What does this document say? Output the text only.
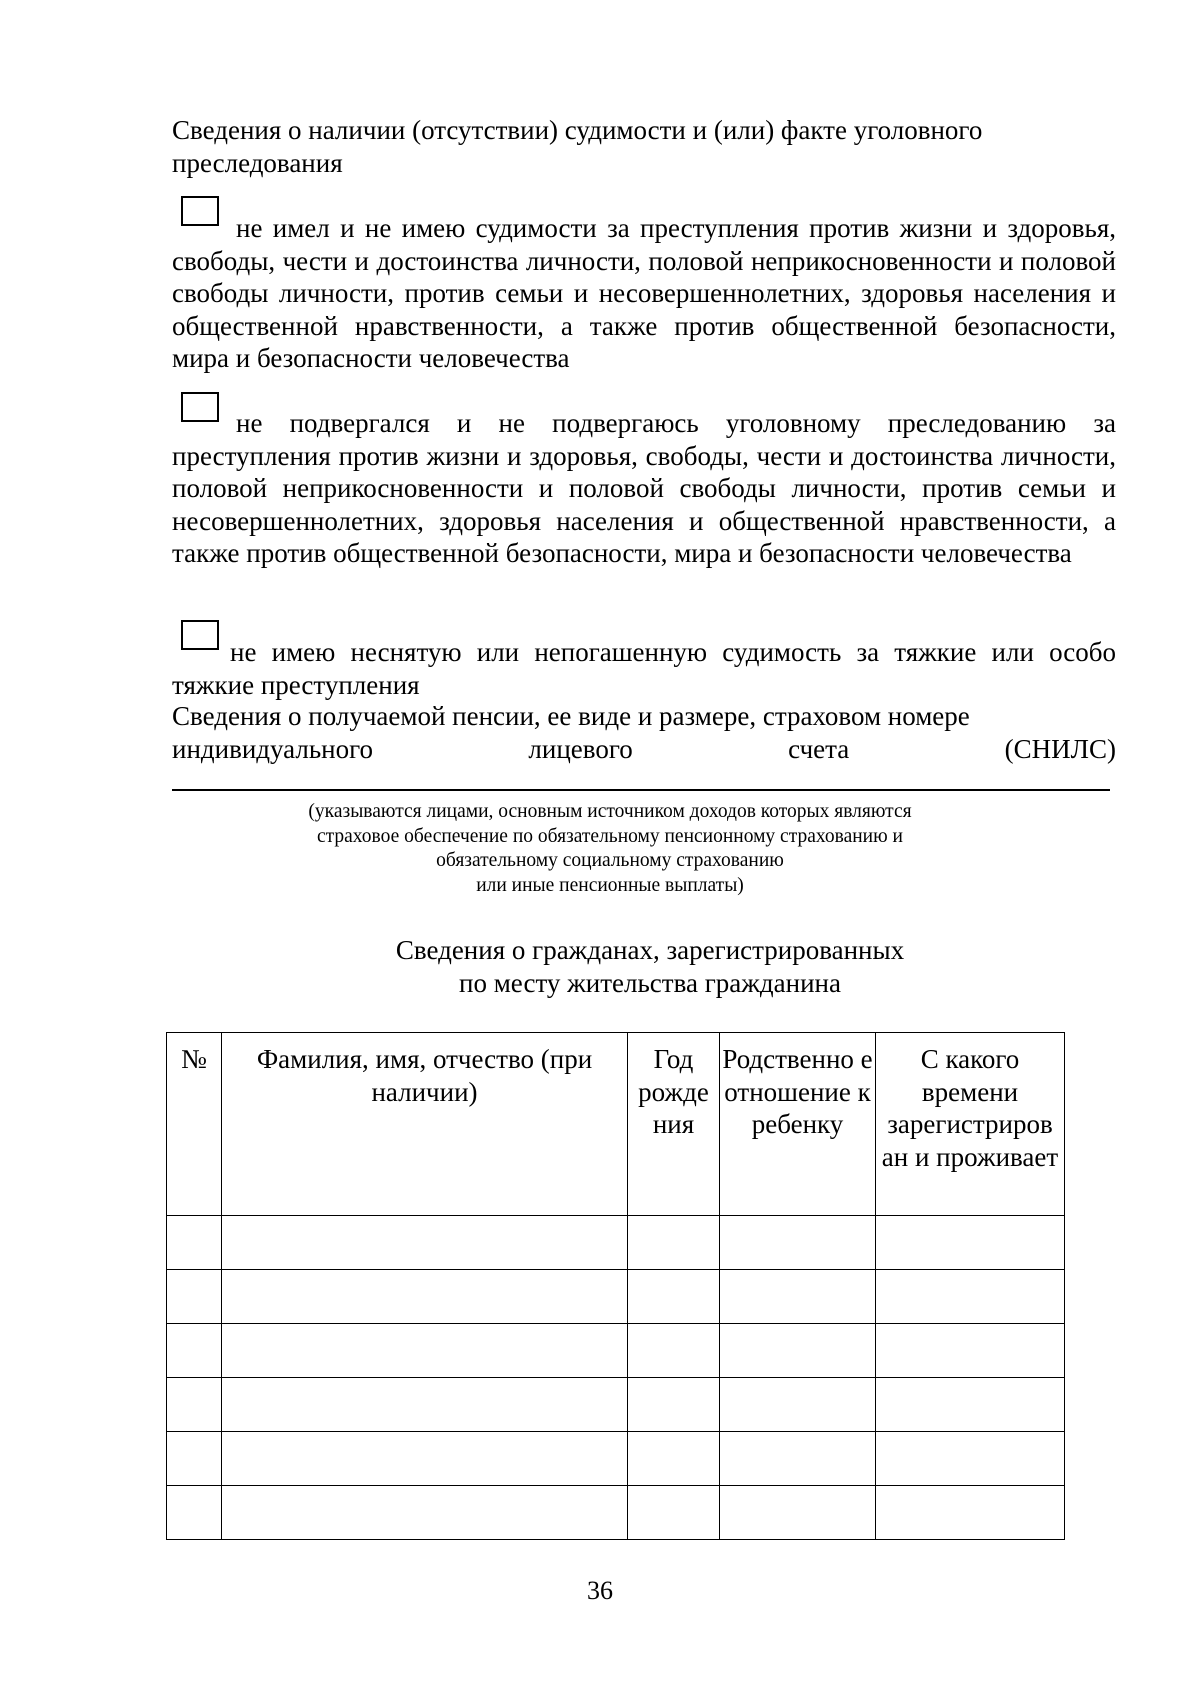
Сведения о наличии (отсутствии) судимости и (или) факте уголовного
преследования

не имел и не имею судимости за преступления против жизни и здоровья, свободы, чести и достоинства личности, половой неприкосновенности и половой свободы личности, против семьи и несовершеннолетних, здоровья населения и общественной нравственности, а также против общественной безопасности, мира и безопасности человечества

не подвергался и не подвергаюсь уголовному преследованию за преступления против жизни и здоровья, свободы, чести и достоинства личности, половой неприкосновенности и половой свободы личности, против семьи и несовершеннолетних, здоровья населения и общественной нравственности, а также против общественной безопасности, мира и безопасности человечества

не имею неснятую или непогашенную судимость за тяжкие или особо тяжкие преступления

Сведения о получаемой пенсии, ее виде и размере, страховом номере
индивидуального	лицевого	счета	(СНИЛС)
(указываются лицами, основным источником доходов которых являются
страховое обеспечение по обязательному пенсионному страхованию и
обязательному социальному страхованию
или иные пенсионные выплаты)
Сведения о гражданах, зарегистрированных
по месту жительства гражданина
№	Фамилия, имя, отчество (при наличии)	Год рожде ния	Родственно е отношение к ребенку	С какого времени зарегистриров ан и проживает

36
